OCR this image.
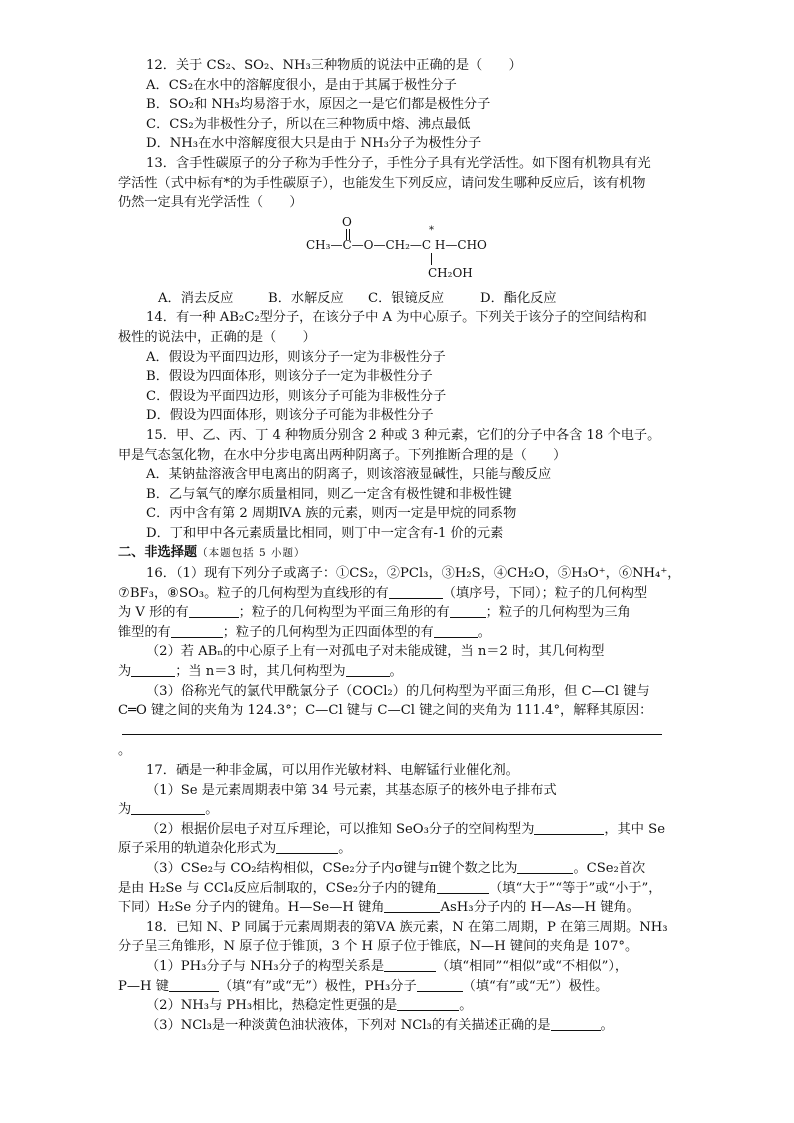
12．关于 CS₂、SO₂、NH₃三种物质的说法中正确的是（　　）
A．CS₂在水中的溶解度很小，是由于其属于极性分子
B．SO₂和 NH₃均易溶于水，原因之一是它们都是极性分子
C．CS₂为非极性分子，所以在三种物质中熔、沸点最低
D．NH₃在水中溶解度很大只是由于 NH₃分子为极性分子
13．含手性碳原子的分子称为手性分子，手性分子具有光学活性。如下图有机物具有光
学活性（式中标有*的为手性碳原子），也能发生下列反应，请问发生哪种反应后，该有机物
仍然一定具有光学活性（　　）
O
*
CH₃—C—O—CH₂—C H—CHO
CH₂OH
A．消去反应	B．水解反应 C．银镜反应	D．酯化反应
14．有一种 AB₂C₂型分子，在该分子中 A 为中心原子。下列关于该分子的空间结构和
极性的说法中，正确的是（　　）
A．假设为平面四边形，则该分子一定为非极性分子
B．假设为四面体形，则该分子一定为非极性分子
C．假设为平面四边形，则该分子可能为非极性分子
D．假设为四面体形，则该分子可能为非极性分子
15．甲、乙、丙、丁 4 种物质分别含 2 种或 3 种元素，它们的分子中各含 18 个电子。
甲是气态氢化物，在水中分步电离出两种阴离子。下列推断合理的是（　　）
A．某钠盐溶液含甲电离出的阴离子，则该溶液显碱性，只能与酸反应
B．乙与氧气的摩尔质量相同，则乙一定含有极性键和非极性键
C．丙中含有第 2 周期ⅣA 族的元素，则丙一定是甲烷的同系物
D．丁和甲中各元素质量比相同，则丁中一定含有-1 价的元素
二、非选择题（本题包括 5 小题）
16．（1）现有下列分子或离子：①CS₂，②PCl₃，③H₂S，④CH₂O，⑤H₃O⁺，⑥NH₄⁺，
⑦BF₃，⑧SO₃。粒子的几何构型为直线形的有	（填序号，下同）；粒子的几何构型
为 V 形的有	；粒子的几何构型为平面三角形的有	；粒子的几何构型为三角
锥型的有	；粒子的几何构型为正四面体型的有	。
（2）若 ABₙ的中心原子上有一对孤电子对未能成键，当 n＝2 时，其几何构型
为	；当 n＝3 时，其几何构型为	。
（3）俗称光气的氯代甲酰氯分子（COCl₂）的几何构型为平面三角形，但 C—Cl 键与
C═O 键之间的夹角为 124.3°；C—Cl 键与 C—Cl 键之间的夹角为 111.4°，解释其原因：
。
17．硒是一种非金属，可以用作光敏材料、电解锰行业催化剂。
（1）Se 是元素周期表中第 34 号元素，其基态原子的核外电子排布式
为	。
（2）根据价层电子对互斥理论，可以推知 SeO₃分子的空间构型为	，其中 Se
原子采用的轨道杂化形式为	。
（3）CSe₂与 CO₂结构相似，CSe₂分子内σ键与π键个数之比为	。CSe₂首次
是由 H₂Se 与 CCl₄反应后制取的，CSe₂分子内的键角	（填“大于”“等于”或“小于”，
下同）H₂Se 分子内的键角。H—Se—H 键角	AsH₃分子内的 H—As—H 键角。
18．已知 N、P 同属于元素周期表的第ⅤA 族元素，N 在第二周期，P 在第三周期。NH₃
分子呈三角锥形，N 原子位于锥顶，3 个 H 原子位于锥底，N—H 键间的夹角是 107°。
（1）PH₃分子与 NH₃分子的构型关系是	（填“相同”“相似”或“不相似”），
P—H 键	（填“有”或“无”）极性，PH₃分子	（填“有”或“无”）极性。
（2）NH₃与 PH₃相比，热稳定性更强的是	。
（3）NCl₃是一种淡黄色油状液体，下列对 NCl₃的有关描述正确的是	。
